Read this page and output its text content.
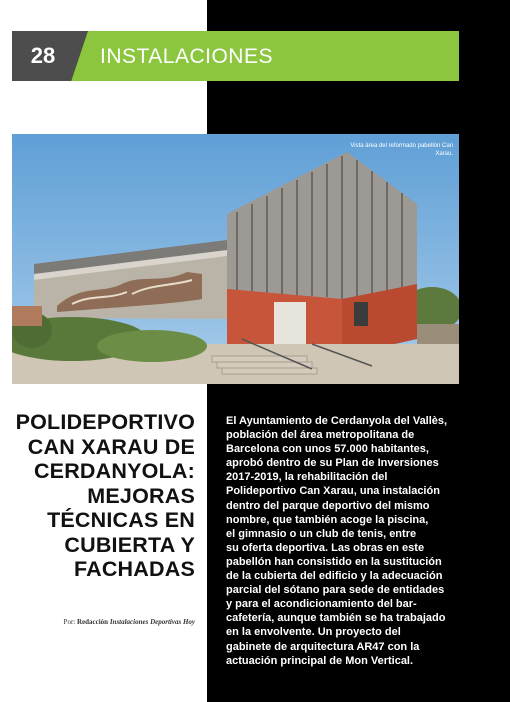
28	INSTALACIONES
Vista área del reformado pabellón Can Xarau.
POLIDEPORTIVO
CAN XARAU DE
CERDANYOLA:
MEJORAS
TÉCNICAS EN
CUBIERTA Y
FACHADAS

Por: Redacción Instalaciones Deportivas Hoy

El Ayuntamiento de Cerdanyola del Vallès,
población del área metropolitana de
Barcelona con unos 57.000 habitantes,
aprobó dentro de su Plan de Inversiones
2017-2019, la rehabilitación del
Polideportivo Can Xarau, una instalación
dentro del parque deportivo del mismo
nombre, que también acoge la piscina,
el gimnasio o un club de tenis, entre
su oferta deportiva. Las obras en este
pabellón han consistido en la sustitución
de la cubierta del edificio y la adecuación
parcial del sótano para sede de entidades
y para el acondicionamiento del bar-
cafetería, aunque también se ha trabajado
en la envolvente. Un proyecto del
gabinete de arquitectura AR47 con la
actuación principal de Mon Vertical.
